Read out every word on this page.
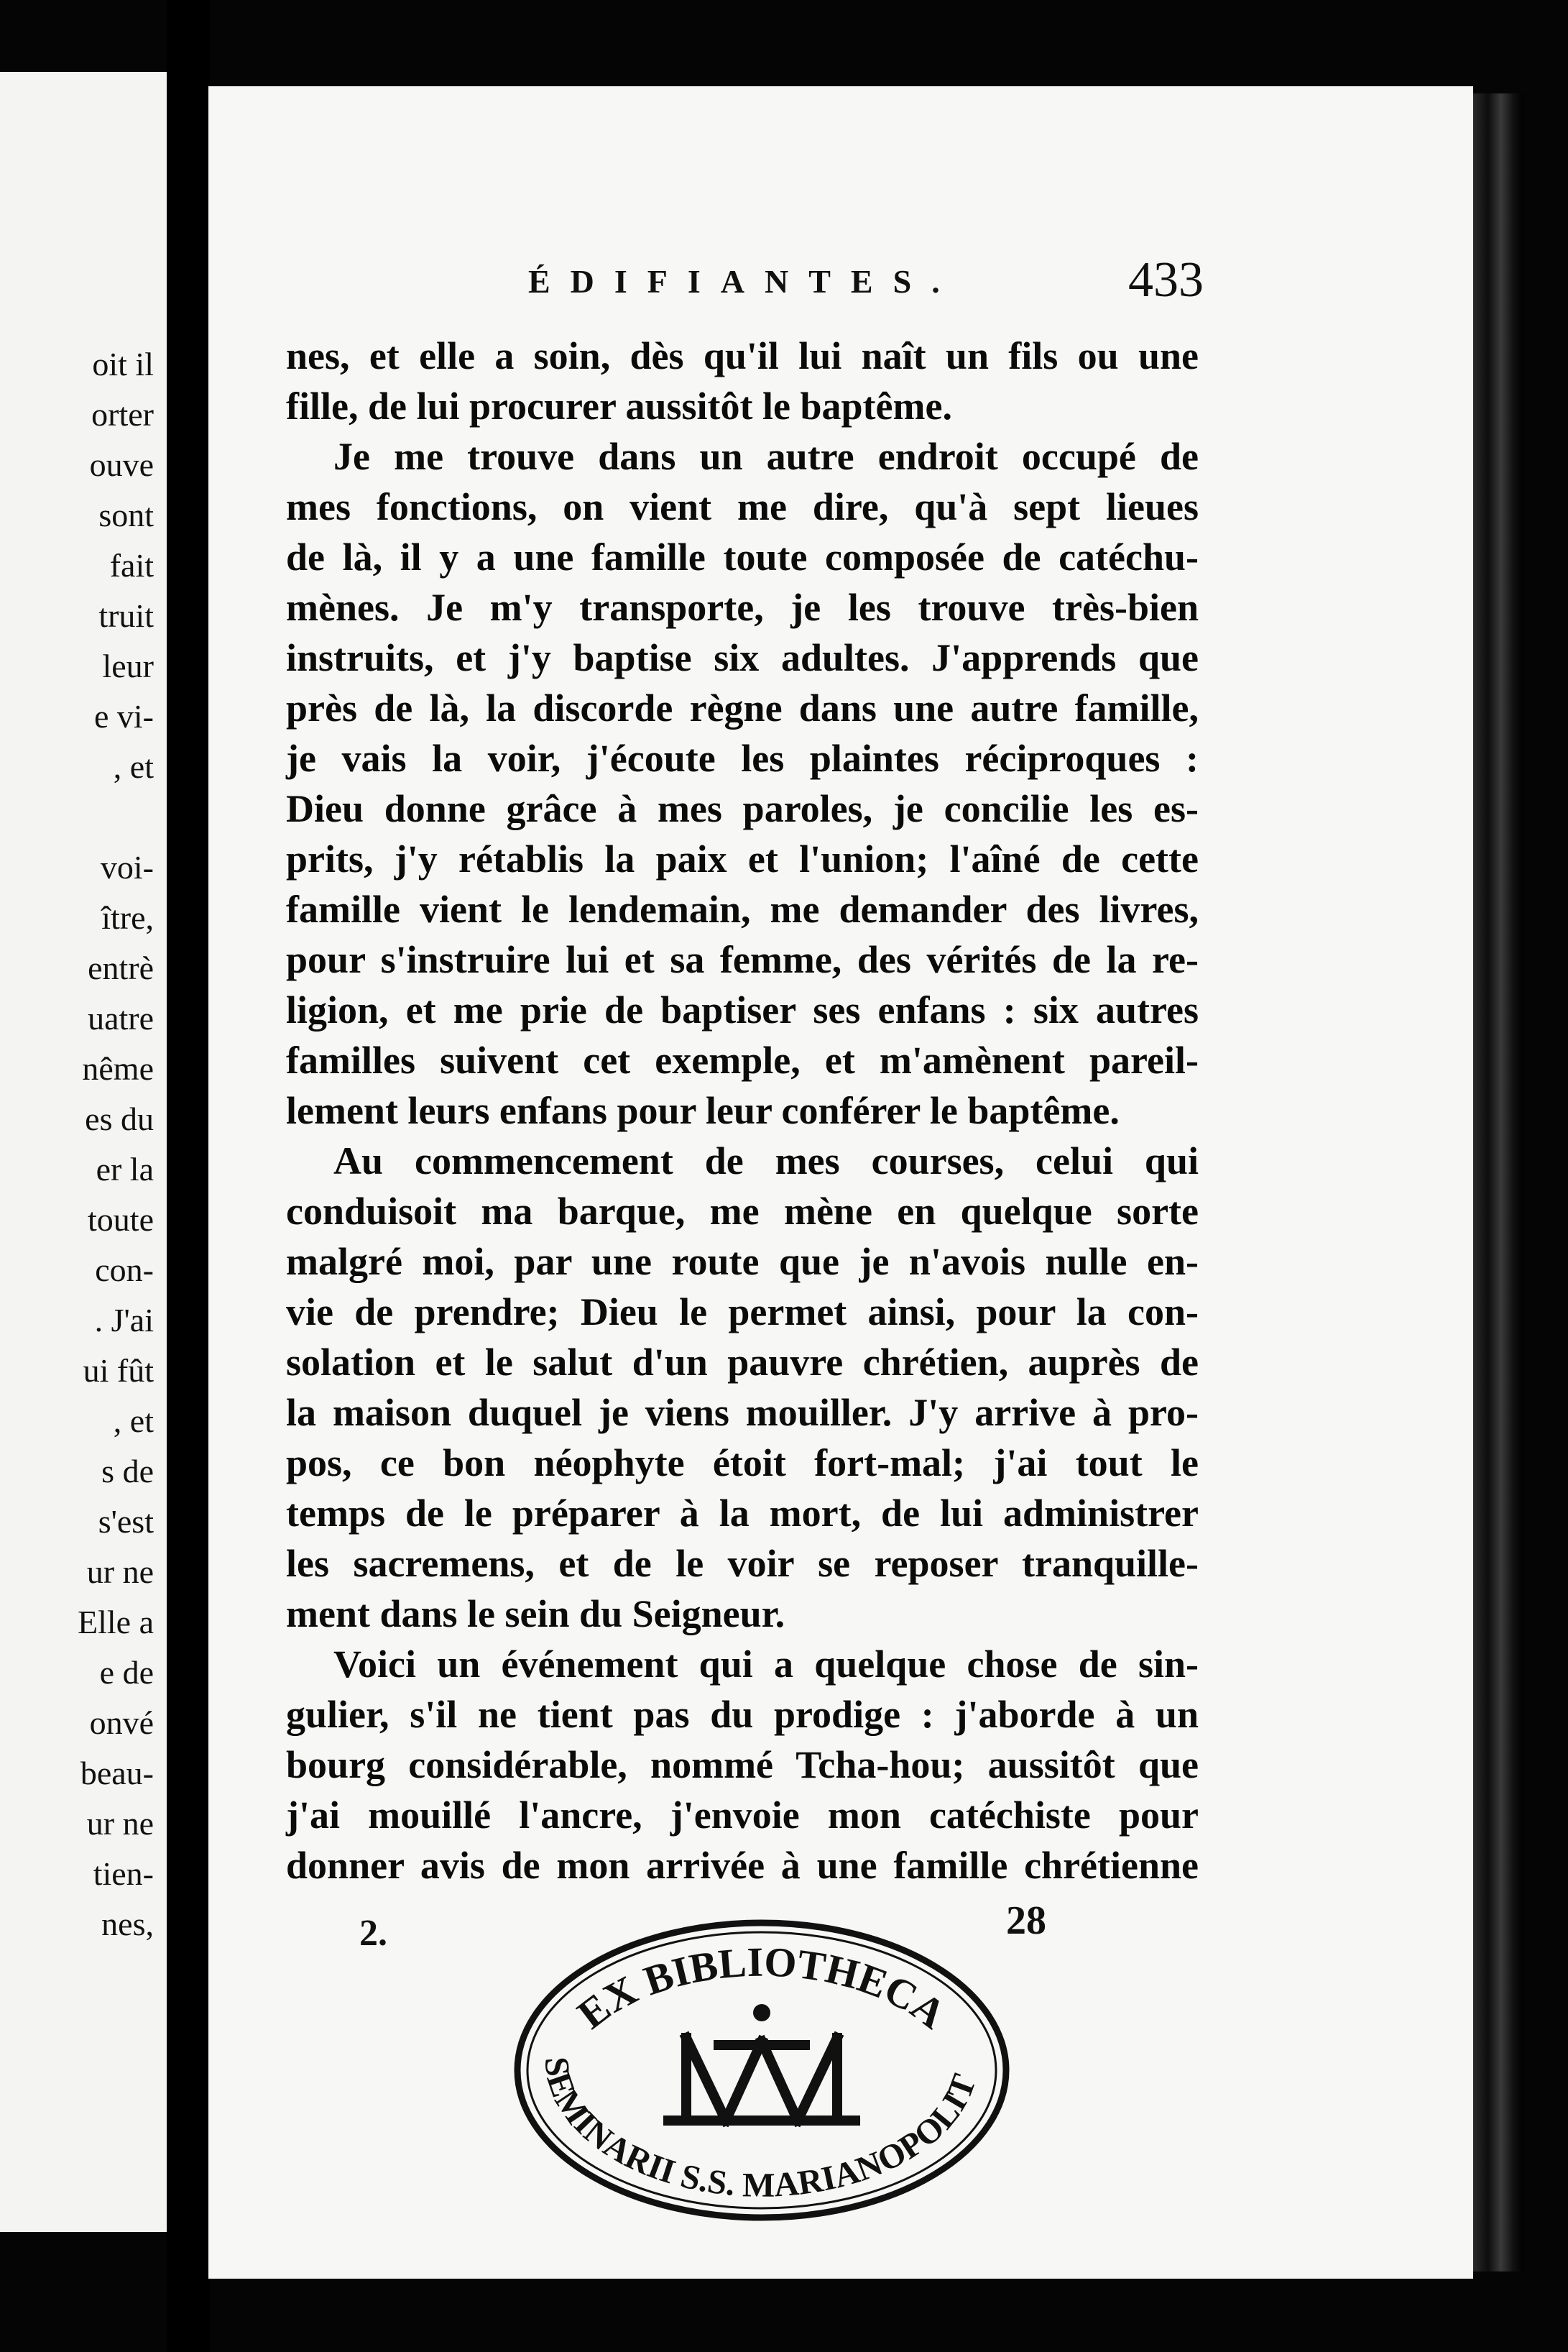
oit il
orter
ouve
sont
fait
truit
leur
e vi-
, et
voi-
ître,
entrè
uatre
nême
es du
er la
toute
con-
. J'ai
ui fût
, et
s de
s'est
ur ne
Elle a
e de
onvé
beau-
ur ne
tien-
nes,
ÉDIFIANTES.	433
nes, et elle a soin, dès qu'il lui naît un fils ou une
fille, de lui procurer aussitôt le baptême.
Je me trouve dans un autre endroit occupé de
mes fonctions, on vient me dire, qu'à sept lieues
de là, il y a une famille toute composée de catéchu-
mènes. Je m'y transporte, je les trouve très-bien
instruits, et j'y baptise six adultes. J'apprends que
près de là, la discorde règne dans une autre famille,
je vais la voir, j'écoute les plaintes réciproques :
Dieu donne grâce à mes paroles, je concilie les es-
prits, j'y rétablis la paix et l'union; l'aîné de cette
famille vient le lendemain, me demander des livres,
pour s'instruire lui et sa femme, des vérités de la re-
ligion, et me prie de baptiser ses enfans : six autres
familles suivent cet exemple, et m'amènent pareil-
lement leurs enfans pour leur conférer le baptême.
Au commencement de mes courses, celui qui
conduisoit ma barque, me mène en quelque sorte
malgré moi, par une route que je n'avois nulle en-
vie de prendre; Dieu le permet ainsi, pour la con-
solation et le salut d'un pauvre chrétien, auprès de
la maison duquel je viens mouiller. J'y arrive à pro-
pos, ce bon néophyte étoit fort-mal; j'ai tout le
temps de le préparer à la mort, de lui administrer
les sacremens, et de le voir se reposer tranquille-
ment dans le sein du Seigneur.
Voici un événement qui a quelque chose de sin-
gulier, s'il ne tient pas du prodige : j'aborde à un
bourg considérable, nommé Tcha-hou; aussitôt que
j'ai mouillé l'ancre, j'envoie mon catéchiste pour
donner avis de mon arrivée à une famille chrétienne
2.	28
EX BIBLIOTHECA
SEMINARII S.S. MARIANOPOLIT
